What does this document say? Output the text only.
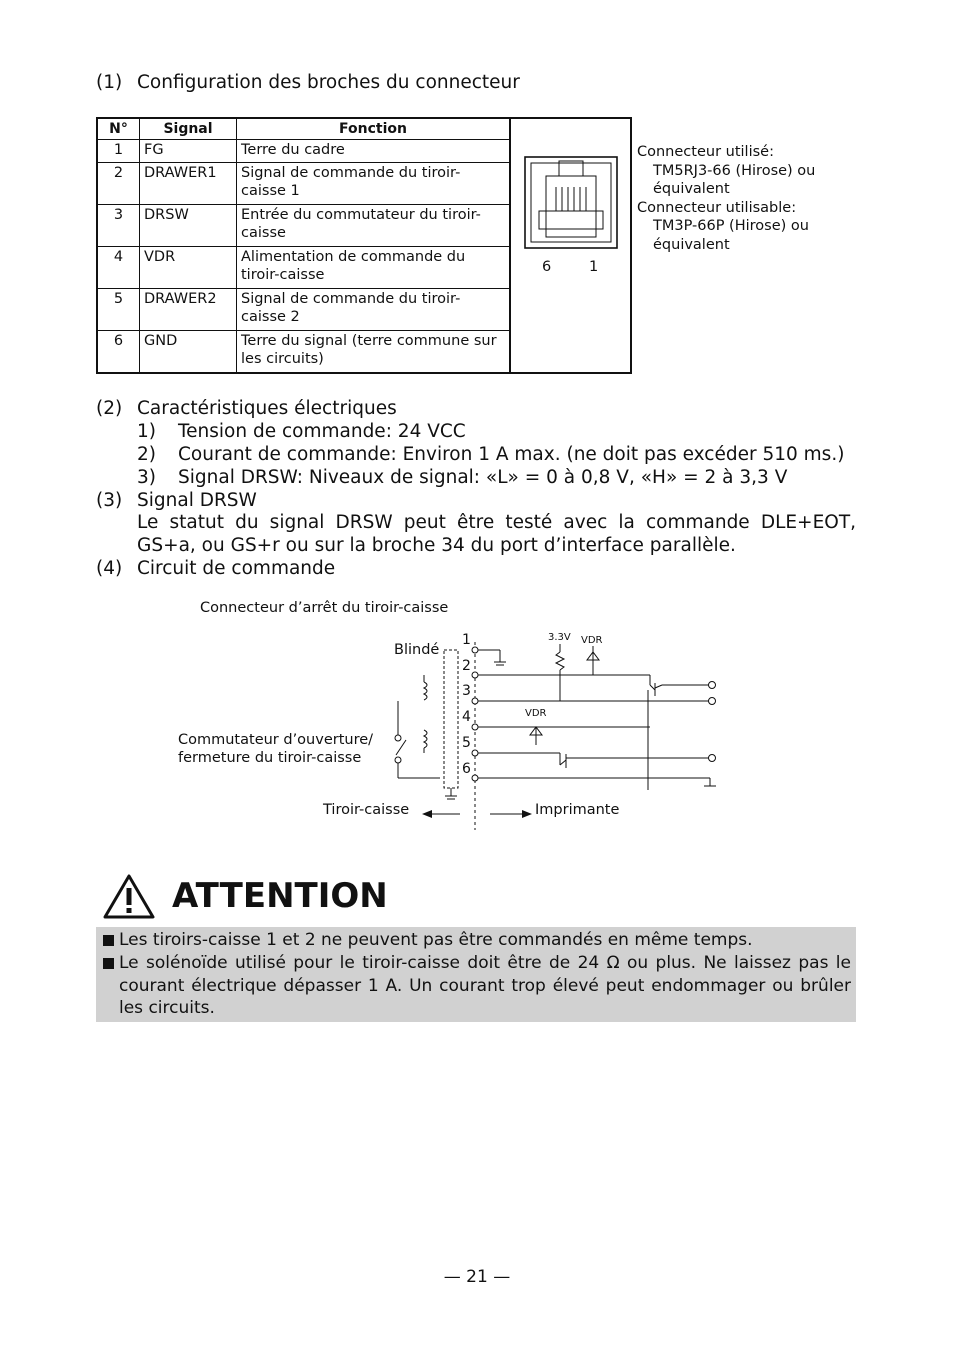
(1) Configuration des broches du connecteur
N°	Signal	Fonction
1	FG	Terre du cadre
2	DRAWER1	Signal de commande du tiroir-caisse 1
3	DRSW	Entrée du commutateur du tiroir-caisse
4	VDR	Alimentation de commande du tiroir-caisse
5	DRAWER2	Signal de commande du tiroir-caisse 2
6	GND	Terre du signal (terre commune sur les circuits)
6	1
Connecteur utilisé:
TM5RJ3-66 (Hirose) ou équivalent
Connecteur utilisable:
TM3P-66P (Hirose) ou équivalent
(2) Caractéristiques électriques
1) Tension de commande: 24 VCC
2) Courant de commande: Environ 1 A max. (ne doit pas excéder 510 ms.)
3) Signal DRSW: Niveaux de signal: «L» = 0 à 0,8 V, «H» = 2 à 3,3 V
(3) Signal DRSW
Le statut du signal DRSW peut être testé avec la commande DLE+EOT,
GS+a, ou GS+r ou sur la broche 34 du port d’interface parallèle.
(4) Circuit de commande
Connecteur d’arrêt du tiroir-caisse
Blindé
1
2
3
4
5
6
3.3V VDR
VDR
Commutateur d’ouverture/
fermeture du tiroir-caisse
Tiroir-caisse	Imprimante
ATTENTION
Les tiroirs-caisse 1 et 2 ne peuvent pas être commandés en même temps.
Le solénoïde utilisé pour le tiroir-caisse doit être de 24 Ω ou plus. Ne laissez pas le courant électrique dépasser 1 A. Un courant trop élevé peut endommager ou brûler les circuits.
— 21 —
